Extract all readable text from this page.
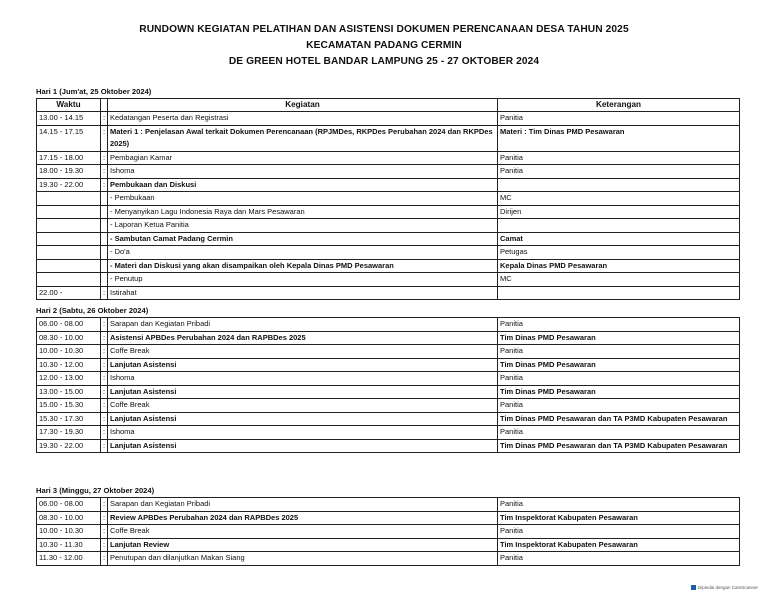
RUNDOWN KEGIATAN PELATIHAN DAN ASISTENSI DOKUMEN PERENCANAAN DESA TAHUN 2025
KECAMATAN PADANG CERMIN
DE GREEN HOTEL BANDAR LAMPUNG 25 - 27 OKTOBER 2024
Hari 1 (Jum'at, 25 Oktober 2024)
Waktu		Kegiatan	Keterangan
13.00 - 14.15	:	Kedatangan Peserta dan Registrasi	Panitia
14.15 - 17.15	:	Materi 1 : Penjelasan Awal terkait Dokumen Perencanaan (RPJMDes, RKPDes Perubahan 2024 dan RKPDes 2025)	Materi : Tim Dinas PMD Pesawaran
17.15 - 18.00	:	Pembagian Kamar	Panitia
18.00 - 19.30	:	Ishoma	Panitia
19.30 - 22.00	:	Pembukaan dan Diskusi	
		- Pembukaan	MC
		- Menyanyikan Lagu Indonesia Raya dan Mars Pesawaran	Dirijen
		- Laporan Ketua Panitia	
		- Sambutan Camat Padang Cermin	Camat
		- Do'a	Petugas
		- Materi dan Diskusi yang akan disampaikan oleh Kepala Dinas PMD Pesawaran	Kepala Dinas PMD Pesawaran
		- Penutup	MC
22.00 -	:	Istirahat	
Hari 2 (Sabtu, 26 Oktober 2024)
06.00 - 08.00	:	Sarapan dan Kegiatan Pribadi	Panitia
08.30 - 10.00	:	Asistensi APBDes Perubahan 2024 dan RAPBDes 2025	Tim Dinas PMD Pesawaran
10.00 - 10.30	:	Coffe Break	Panitia
10.30 - 12.00	:	Lanjutan Asistensi	Tim Dinas PMD Pesawaran
12.00 - 13.00	:	Ishoma	Panitia
13.00 - 15.00	:	Lanjutan Asistensi	Tim Dinas PMD Pesawaran
15.00 - 15.30	:	Coffe Break	Panitia
15.30 - 17.30	:	Lanjutan Asistensi	Tim Dinas PMD Pesawaran dan TA P3MD Kabupaten Pesawaran
17.30 - 19.30	:	Ishoma	Panitia
19.30 - 22.00	:	Lanjutan Asistensi	Tim Dinas PMD Pesawaran dan TA P3MD Kabupaten Pesawaran
Hari 3 (Minggu, 27 Oktober 2024)
06.00 - 08.00	:	Sarapan dan Kegiatan Pribadi	Panitia
08.30 - 10.00	:	Review APBDes Perubahan 2024 dan RAPBDes 2025	Tim Inspektorat Kabupaten Pesawaran
10.00 - 10.30	:	Coffe Break	Panitia
10.30 - 11.30	:	Lanjutan Review	Tim Inspektorat Kabupaten Pesawaran
11.30 - 12.00	:	Penutupan dan dilanjutkan Makan Siang	Panitia
Dipindai dengan CamScanner
